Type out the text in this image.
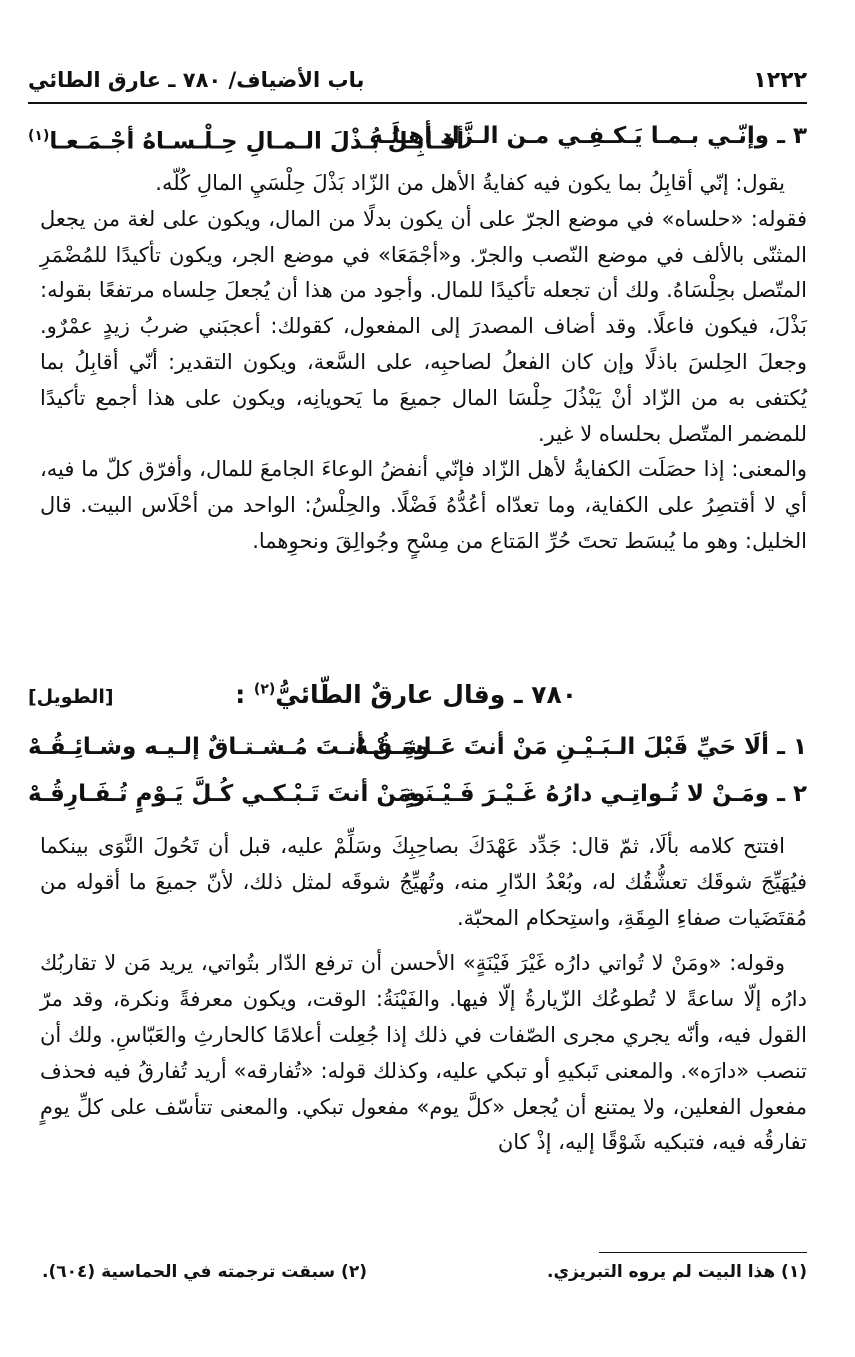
١٢٢٢
باب الأضياف/ ٧٨٠ ـ عارق الطائي
٣ ـ وإنّـي بـمـا يَـكـفِـي مـن الـزَّادِ أهـلَـهُ
أقـابِـلُ بَـذْلَ الـمـالِ حِـلْـسـاهُ أجْـمَـعـا$^{(١)}$

يقول: إنّي أقابِلُ بما يكون فيه كفايةُ الأهل من الزّاد بَذْلَ حِلْسَيِ المالِ كُلّه.

فقوله: «حلساه» في موضع الجرّ على أن يكون بدلًا من المال، ويكون على لغة من يجعل المثنّى بالألف في موضع النّصب والجرّ. و«أجْمَعَا» في موضع الجر، ويكون تأكيدًا للمُضْمَرِ المتّصل بحِلْسَاهُ. ولك أن تجعله تأكيدًا للمال. وأجود من هذا أن يُجعلَ حِلساه مرتفعًا بقوله: بَذْلَ، فيكون فاعلًا. وقد أضاف المصدرَ إلى المفعول، كقولك: أعجبَني ضربُ زيدٍ عمْرٌو. وجعلَ الحِلسَ باذلًا وإن كان الفعلُ لصاحبِه، على السَّعة، ويكون التقدير: أنّي أقابِلُ بما يُكتفى به من الزّاد أنْ يَبْذُلَ حِلْسَا المال جميعَ ما يَحويانِه، ويكون على هذا أجمع تأكيدًا للمضمر المتّصل بحلساه لا غير.

والمعنى: إذا حصَلَت الكفايةُ لأهل الزّاد فإنّي أنفضُ الوعاءَ الجامعَ للمال، وأفرّق كلّ ما فيه، أي لا أقتصِرُ على الكفاية، وما تعدّاه أعُدُّهُ فَضْلًا. والحِلْسُ: الواحد من أحْلَاس البيت. قال الخليل: وهو ما يُبسَط تحتَ حُرِّ المَتاع من مِسْحٍ وجُوالِقَ ونحوِهما.

٧٨٠ ـ وقال عارقٌ الطّائيُّ$^{(٢)}$ :
[الطويل]
١ ـ ألَا حَيِّ قَبْلَ الـبَـيْـنِ مَنْ أنتَ عَـاشِـقُـهْ
ومَـنْ أنـتَ مُـشـتـاقٌ إلـيـه وشـائِـقُـهْ
٢ ـ ومَـنْ لا تُـواتِـي دارُهُ غَـيْـرَ فَـيْـنَـةٍ
ومَنْ أنتَ تَـبْـكـي كُـلَّ يَـوْمٍ تُـفَـارِقُـهْ

افتتح كلامه بألَا، ثمّ قال: جَدِّد عَهْدَكَ بصاحِبِكَ وسَلِّمْ عليه، قبل أن تَحُولَ النَّوَى بينكما فيُهَيِّجَ شوقَك تعشُّقُك له، وبُعْدُ الدّارِ منه، وتُهيِّجُ شوقَه لمثل ذلك، لأنّ جميعَ ما أقوله من مُقتَضَيات صفاءِ المِقَةِ، واستِحكام المحبّة.

وقوله: «ومَنْ لا تُواتي دارُه غَيْرَ فَيْنَةٍ» الأحسن أن ترفع الدّار بتُواتي، يريد مَن لا تقاربُك دارُه إلّا ساعةً لا تُطوعُك الزّيارةُ إلّا فيها. والفَيْنَةُ: الوقت، ويكون معرفةً ونكرة، وقد مرّ القول فيه، وأنّه يجري مجرى الصّفات في ذلك إذا جُعِلت أعلامًا كالحارثِ والعَبّاسِ. ولك أن تنصب «دارَه». والمعنى تَبكيهِ أو تبكي عليه، وكذلك قوله: «تُفارقه» أريد تُفارقُ فيه فحذف مفعول الفعلين، ولا يمتنع أن يُجعل «كلَّ يوم» مفعول تبكي. والمعنى تتأسّف على كلِّ يومٍ تفارقُه فيه، فتبكيه شَوْقًا إليه، إذْ كان

(١) هذا البيت لم يروه التبريزي.
(٢) سبقت ترجمته في الحماسية (٦٠٤).
